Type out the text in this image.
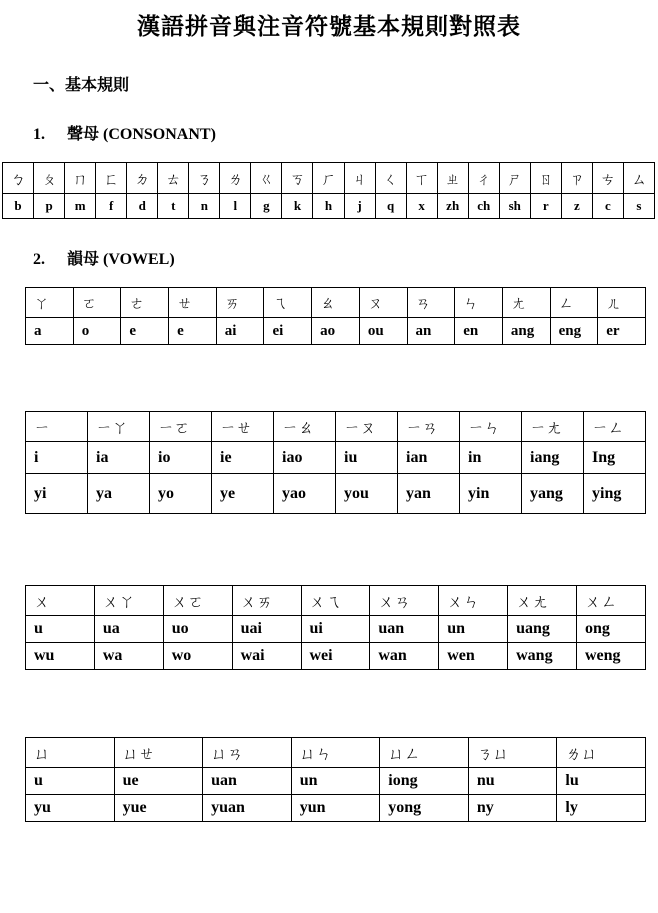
漢語拼音與注音符號基本規則對照表
一、基本規則
1. 聲母 (CONSONANT)
ㄅ	ㄆ	ㄇ	ㄈ	ㄉ	ㄊ	ㄋ	ㄌ	ㄍ	ㄎ	ㄏ	ㄐ	ㄑ	ㄒ	ㄓ	ㄔ	ㄕ	ㄖ	ㄗ	ㄘ	ㄙ
b	p	m	f	d	t	n	l	g	k	h	j	q	x	zh	ch	sh	r	z	c	s
2. 韻母 (VOWEL)
ㄚ	ㄛ	ㄜ	ㄝ	ㄞ	ㄟ	ㄠ	ㄡ	ㄢ	ㄣ	ㄤ	ㄥ	ㄦ
a	o	e	e	ai	ei	ao	ou	an	en	ang	eng	er
ㄧ	ㄧㄚ	ㄧㄛ	ㄧㄝ	ㄧㄠ	ㄧㄡ	ㄧㄢ	ㄧㄣ	ㄧㄤ	ㄧㄥ
i	ia	io	ie	iao	iu	ian	in	iang	Ing
yi	ya	yo	ye	yao	you	yan	yin	yang	ying
ㄨ	ㄨㄚ	ㄨㄛ	ㄨㄞ	ㄨㄟ	ㄨㄢ	ㄨㄣ	ㄨㄤ	ㄨㄥ
u	ua	uo	uai	ui	uan	un	uang	ong
wu	wa	wo	wai	wei	wan	wen	wang	weng
ㄩ	ㄩㄝ	ㄩㄢ	ㄩㄣ	ㄩㄥ	ㄋㄩ	ㄌㄩ
u	ue	uan	un	iong	nu	lu
yu	yue	yuan	yun	yong	ny	ly
